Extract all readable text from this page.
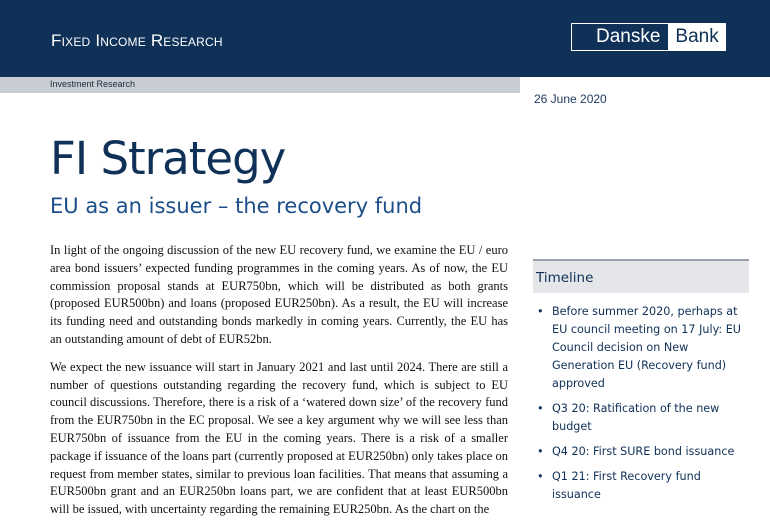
Fixed Income Research	Danske Bank
Investment Research
26 June 2020
FI Strategy
EU as an issuer – the recovery fund

In light of the ongoing discussion of the new EU recovery fund, we examine the EU / euro area bond issuers’ expected funding programmes in the coming years. As of now, the EU commission proposal stands at EUR750bn, which will be distributed as both grants (proposed EUR500bn) and loans (proposed EUR250bn). As a result, the EU will increase its funding need and outstanding bonds markedly in coming years. Currently, the EU has an outstanding amount of debt of EUR52bn.

We expect the new issuance will start in January 2021 and last until 2024. There are still a number of questions outstanding regarding the recovery fund, which is subject to EU council discussions. Therefore, there is a risk of a ‘watered down size’ of the recovery fund from the EUR750bn in the EC proposal. We see a key argument why we will see less than EUR750bn of issuance from the EU in the coming years. There is a risk of a smaller package if issuance of the loans part (currently proposed at EUR250bn) only takes place on request from member states, similar to previous loan facilities. That means that assuming a EUR500bn grant and an EUR250bn loans part, we are confident that at least EUR500bn will be issued, with uncertainty regarding the remaining EUR250bn. As the chart on the

Timeline
• Before summer 2020, perhaps at EU council meeting on 17 July: EU Council decision on New Generation EU (Recovery fund) approved
• Q3 20: Ratification of the new budget
• Q4 20: First SURE bond issuance
• Q1 21: First Recovery fund issuance
